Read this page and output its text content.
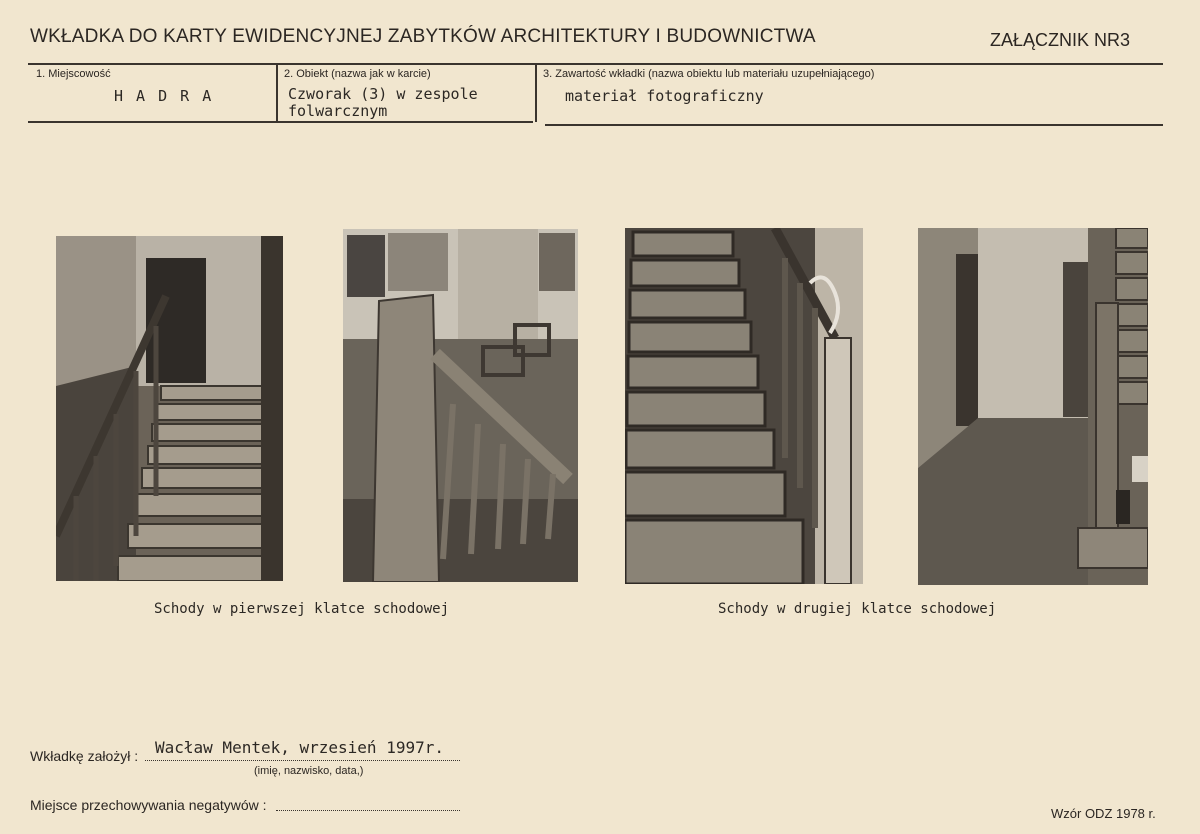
WKŁADKA DO KARTY EWIDENCYJNEJ ZABYTKÓW ARCHITEKTURY I BUDOWNICTWA	ZAŁĄCZNIK NR3
1. Miejscowość
H A D R A
2. Obiekt (nazwa jak w karcie)
Czworak (3) w zespole
folwarcznym
3. Zawartość wkładki (nazwa obiektu lub materiału uzupełniającego)
materiał fotograficzny
Schody w pierwszej klatce schodowej	Schody w drugiej klatce schodowej
Wkładkę założył : Wacław Mentek, wrzesień 1997r.
(imię, nazwisko, data,)
Miejsce przechowywania negatywów :
Wzór ODZ 1978 r.
